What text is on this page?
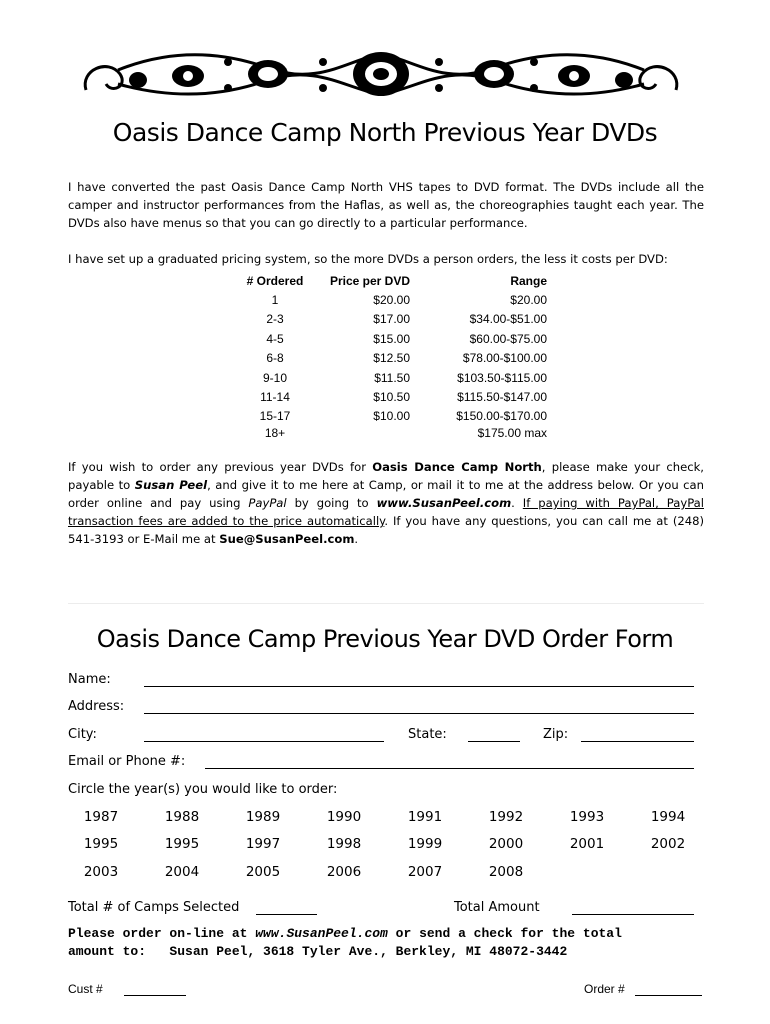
Oasis Dance Camp North Previous Year DVDs
I have converted the past Oasis Dance Camp North VHS tapes to DVD format. The DVDs include all the camper and instructor performances from the Haflas, as well as, the choreographies taught each year. The DVDs also have menus so that you can go directly to a particular performance.
I have set up a graduated pricing system, so the more DVDs a person orders, the less it costs per DVD:
# Ordered	Price per DVD	Range
1	$20.00	$20.00
2-3	$17.00	$34.00-$51.00
4-5	$15.00	$60.00-$75.00
6-8	$12.50	$78.00-$100.00
9-10	$11.50	$103.50-$115.00
11-14	$10.50	$115.50-$147.00
15-17	$10.00	$150.00-$170.00
18+		$175.00 max
If you wish to order any previous year DVDs for Oasis Dance Camp North, please make your check, payable to Susan Peel, and give it to me here at Camp, or mail it to me at the address below. Or you can order online and pay using PayPal by going to www.SusanPeel.com. If paying with PayPal, PayPal transaction fees are added to the price automatically. If you have any questions, you can call me at (248) 541-3193 or E-Mail me at Sue@SusanPeel.com.
Oasis Dance Camp Previous Year DVD Order Form
Name:
Address:
City:	State:	Zip:
Email or Phone #:
Circle the year(s) you would like to order:
1987	1988	1989	1990	1991	1992	1993	1994
1995	1995	1997	1998	1999	2000	2001	2002
2003	2004	2005	2006	2007	2008
Total # of Camps Selected	Total Amount
Please order on-line at www.SusanPeel.com or send a check for the total
amount to:   Susan Peel, 3618 Tyler Ave., Berkley, MI 48072-3442
Cust #	Order #
